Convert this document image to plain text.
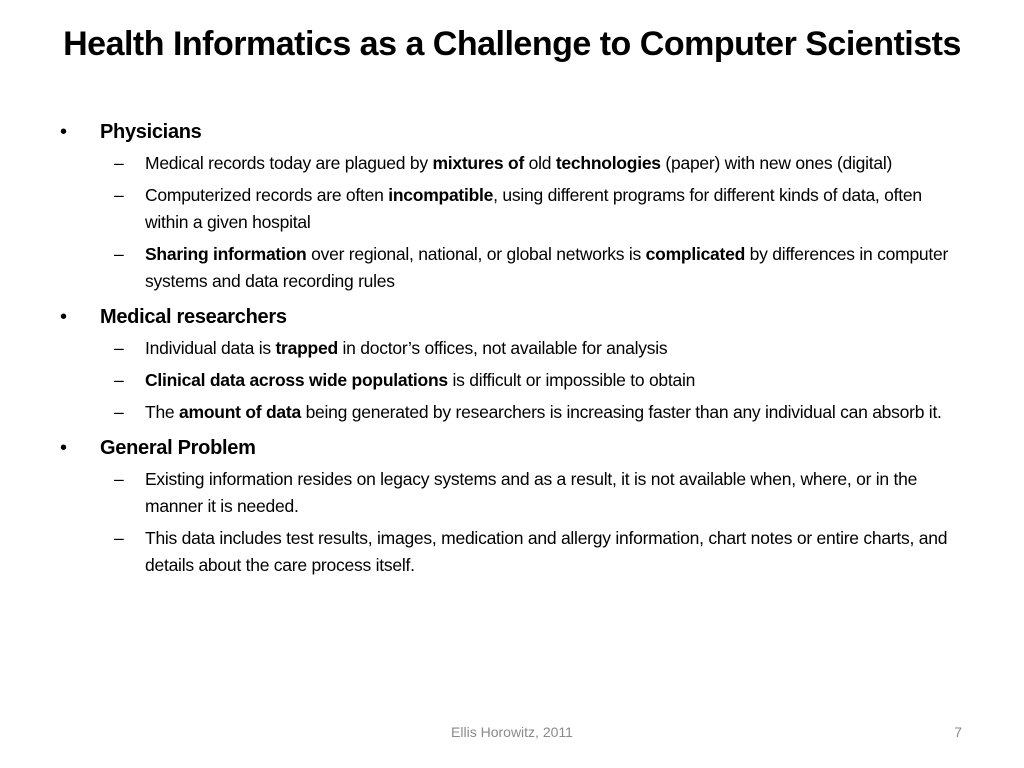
Health Informatics as a Challenge to Computer Scientists
• Physicians
– Medical records today are plagued by mixtures of old technologies (paper) with new ones (digital)
– Computerized records are often incompatible, using different programs for different kinds of data, often within a given hospital
– Sharing information over regional, national, or global networks is complicated by differences in computer systems and data recording rules
• Medical researchers
– Individual data is trapped in doctor’s offices, not available for analysis
– Clinical data across wide populations is difficult or impossible to obtain
– The amount of data being generated by researchers is increasing faster than any individual can absorb it.
• General Problem
– Existing information resides on legacy systems and as a result, it is not available when, where, or in the manner it is needed.
– This data includes test results, images, medication and allergy information, chart notes or entire charts, and details about the care process itself.
Ellis Horowitz, 2011	7
